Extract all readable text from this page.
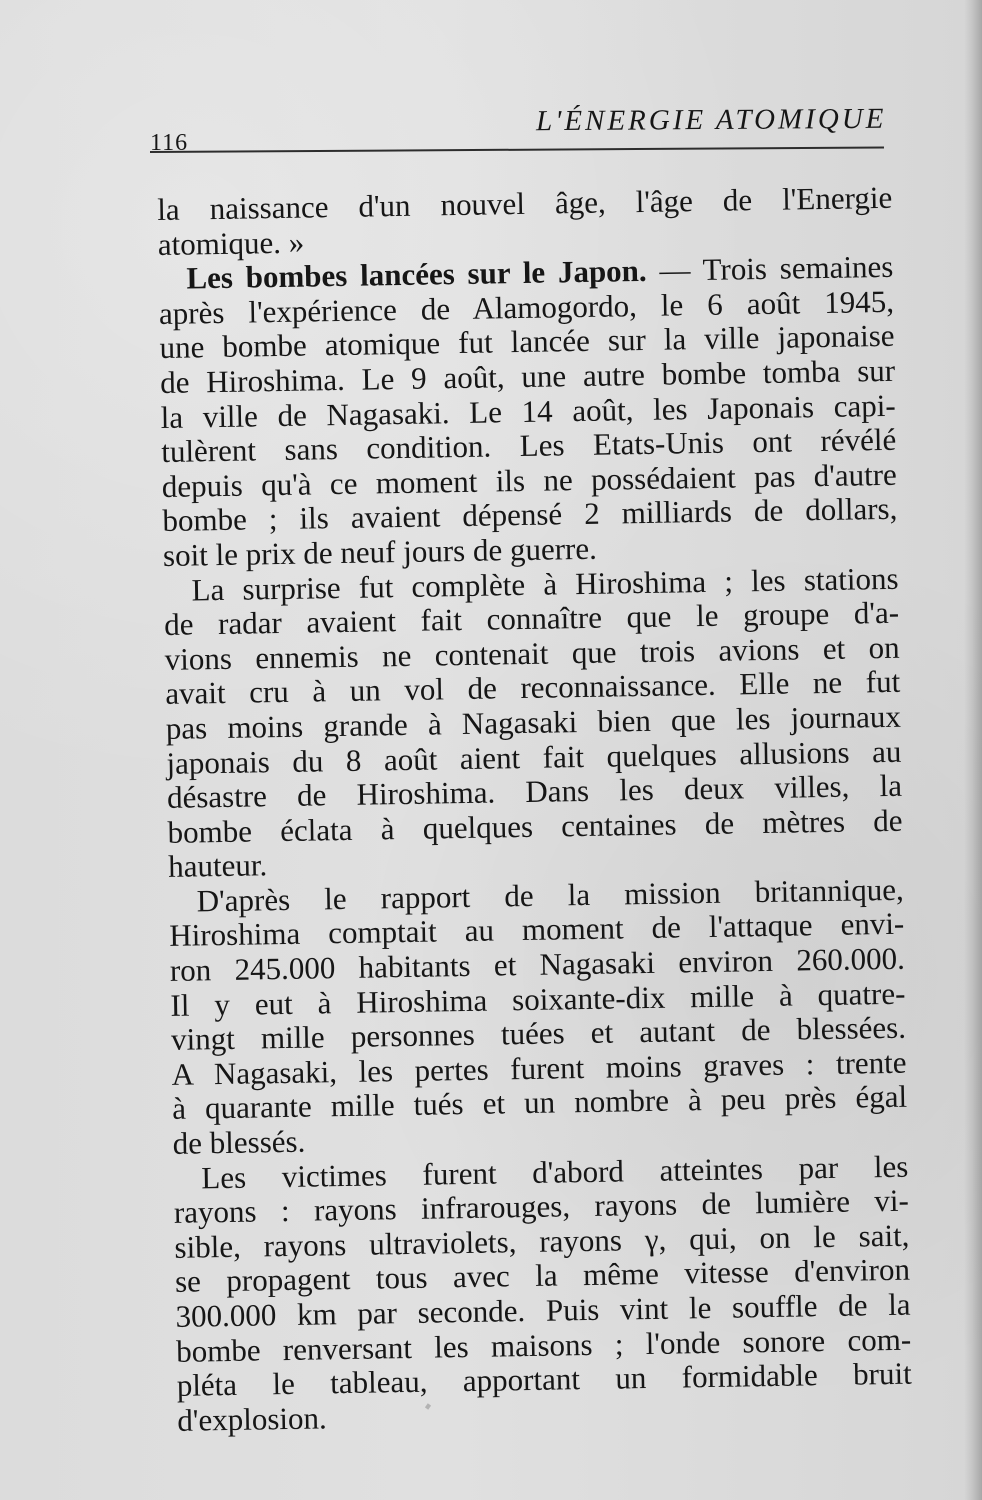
116
L'ÉNERGIE ATOMIQUE
la naissance d'un nouvel âge, l'âge de l'Energie
atomique. »
Les bombes lancées sur le Japon. — Trois semaines
après l'expérience de Alamogordo, le 6 août 1945,
une bombe atomique fut lancée sur la ville japonaise
de Hiroshima. Le 9 août, une autre bombe tomba sur
la ville de Nagasaki. Le 14 août, les Japonais capi-
tulèrent sans condition. Les Etats-Unis ont révélé
depuis qu'à ce moment ils ne possédaient pas d'autre
bombe ; ils avaient dépensé 2 milliards de dollars,
soit le prix de neuf jours de guerre.
La surprise fut complète à Hiroshima ; les stations
de radar avaient fait connaître que le groupe d'a-
vions ennemis ne contenait que trois avions et on
avait cru à un vol de reconnaissance. Elle ne fut
pas moins grande à Nagasaki bien que les journaux
japonais du 8 août aient fait quelques allusions au
désastre de Hiroshima. Dans les deux villes, la
bombe éclata à quelques centaines de mètres de
hauteur.
D'après le rapport de la mission britannique,
Hiroshima comptait au moment de l'attaque envi-
ron 245.000 habitants et Nagasaki environ 260.000.
Il y eut à Hiroshima soixante-dix mille à quatre-
vingt mille personnes tuées et autant de blessées.
A Nagasaki, les pertes furent moins graves : trente
à quarante mille tués et un nombre à peu près égal
de blessés.
Les victimes furent d'abord atteintes par les
rayons : rayons infrarouges, rayons de lumière vi-
sible, rayons ultraviolets, rayons γ, qui, on le sait,
se propagent tous avec la même vitesse d'environ
300.000 km par seconde. Puis vint le souffle de la
bombe renversant les maisons ; l'onde sonore com-
pléta le tableau, apportant un formidable bruit
d'explosion.
